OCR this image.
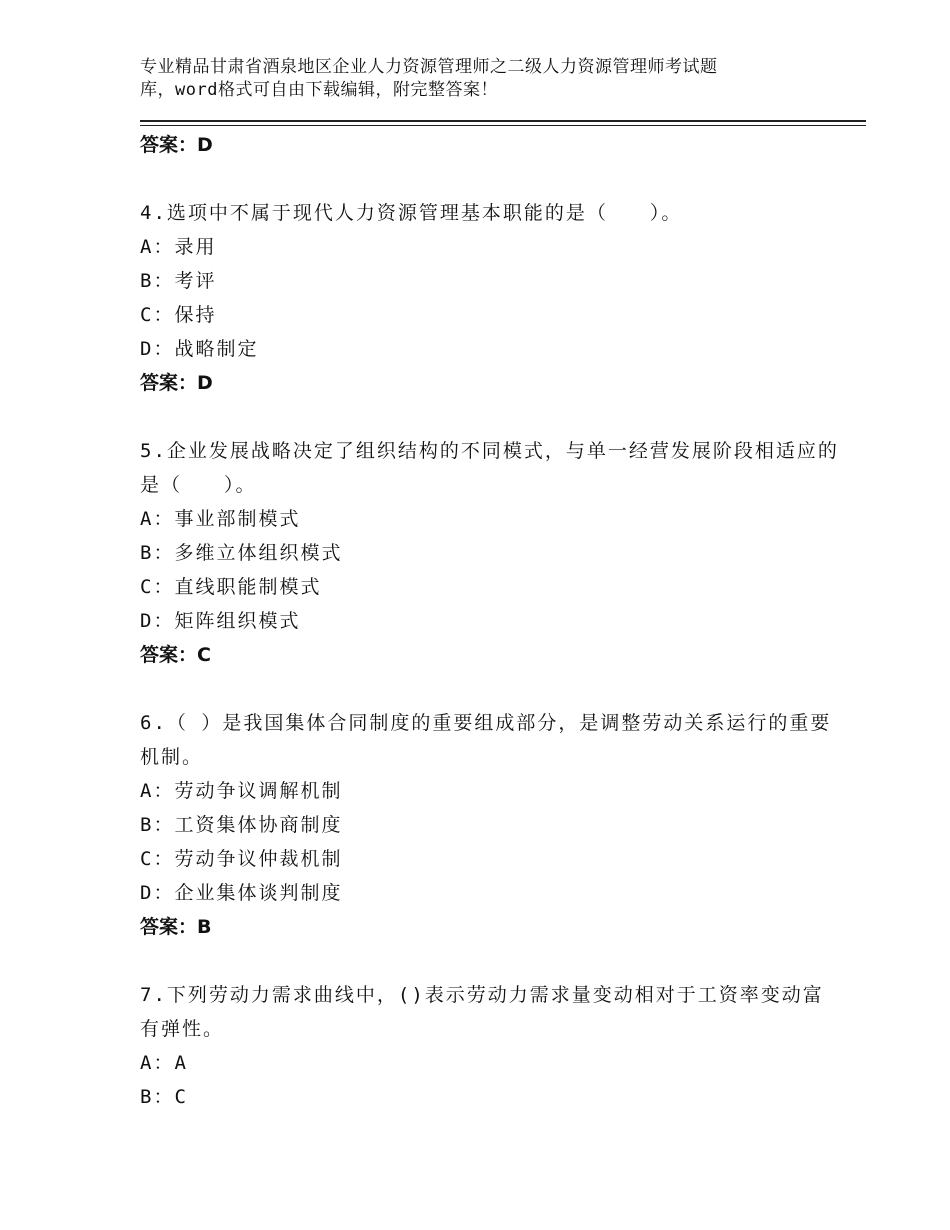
专业精品甘肃省酒泉地区企业人力资源管理师之二级人力资源管理师考试题
库，word格式可自由下载编辑，附完整答案！
答案：D
4.选项中不属于现代人力资源管理基本职能的是（　　）。
A：录用
B：考评
C：保持
D：战略制定
答案：D
5.企业发展战略决定了组织结构的不同模式，与单一经营发展阶段相适应的是（　　）。
A：事业部制模式
B：多维立体组织模式
C：直线职能制模式
D：矩阵组织模式
答案：C
6.（ ）是我国集体合同制度的重要组成部分，是调整劳动关系运行的重要机制。
A：劳动争议调解机制
B：工资集体协商制度
C：劳动争议仲裁机制
D：企业集体谈判制度
答案：B
7.下列劳动力需求曲线中，()表示劳动力需求量变动相对于工资率变动富有弹性。
A：A
B：C
